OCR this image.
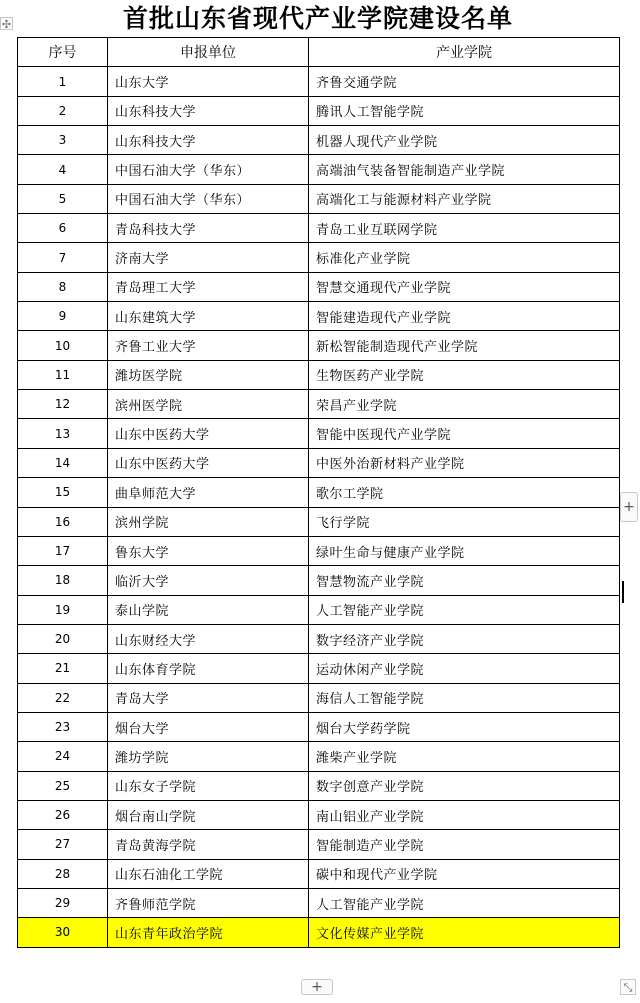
✣	首批山东省现代产业学院建设名单
序号	申报单位	产业学院
1	山东大学	齐鲁交通学院
2	山东科技大学	腾讯人工智能学院
3	山东科技大学	机器人现代产业学院
4	中国石油大学（华东）	高端油气装备智能制造产业学院
5	中国石油大学（华东）	高端化工与能源材料产业学院
6	青岛科技大学	青岛工业互联网学院
7	济南大学	标准化产业学院
8	青岛理工大学	智慧交通现代产业学院
9	山东建筑大学	智能建造现代产业学院
10	齐鲁工业大学	新松智能制造现代产业学院
11	潍坊医学院	生物医药产业学院
12	滨州医学院	荣昌产业学院
13	山东中医药大学	智能中医现代产业学院
14	山东中医药大学	中医外治新材料产业学院
15	曲阜师范大学	歌尔工学院
16	滨州学院	飞行学院
17	鲁东大学	绿叶生命与健康产业学院
18	临沂大学	智慧物流产业学院
19	泰山学院	人工智能产业学院
20	山东财经大学	数字经济产业学院
21	山东体育学院	运动休闲产业学院
22	青岛大学	海信人工智能学院
23	烟台大学	烟台大学药学院
24	潍坊学院	潍柴产业学院
25	山东女子学院	数字创意产业学院
26	烟台南山学院	南山铝业产业学院
27	青岛黄海学院	智能制造产业学院
28	山东石油化工学院	碳中和现代产业学院
29	齐鲁师范学院	人工智能产业学院
30	山东青年政治学院	文化传媒产业学院
+
+	⤡
